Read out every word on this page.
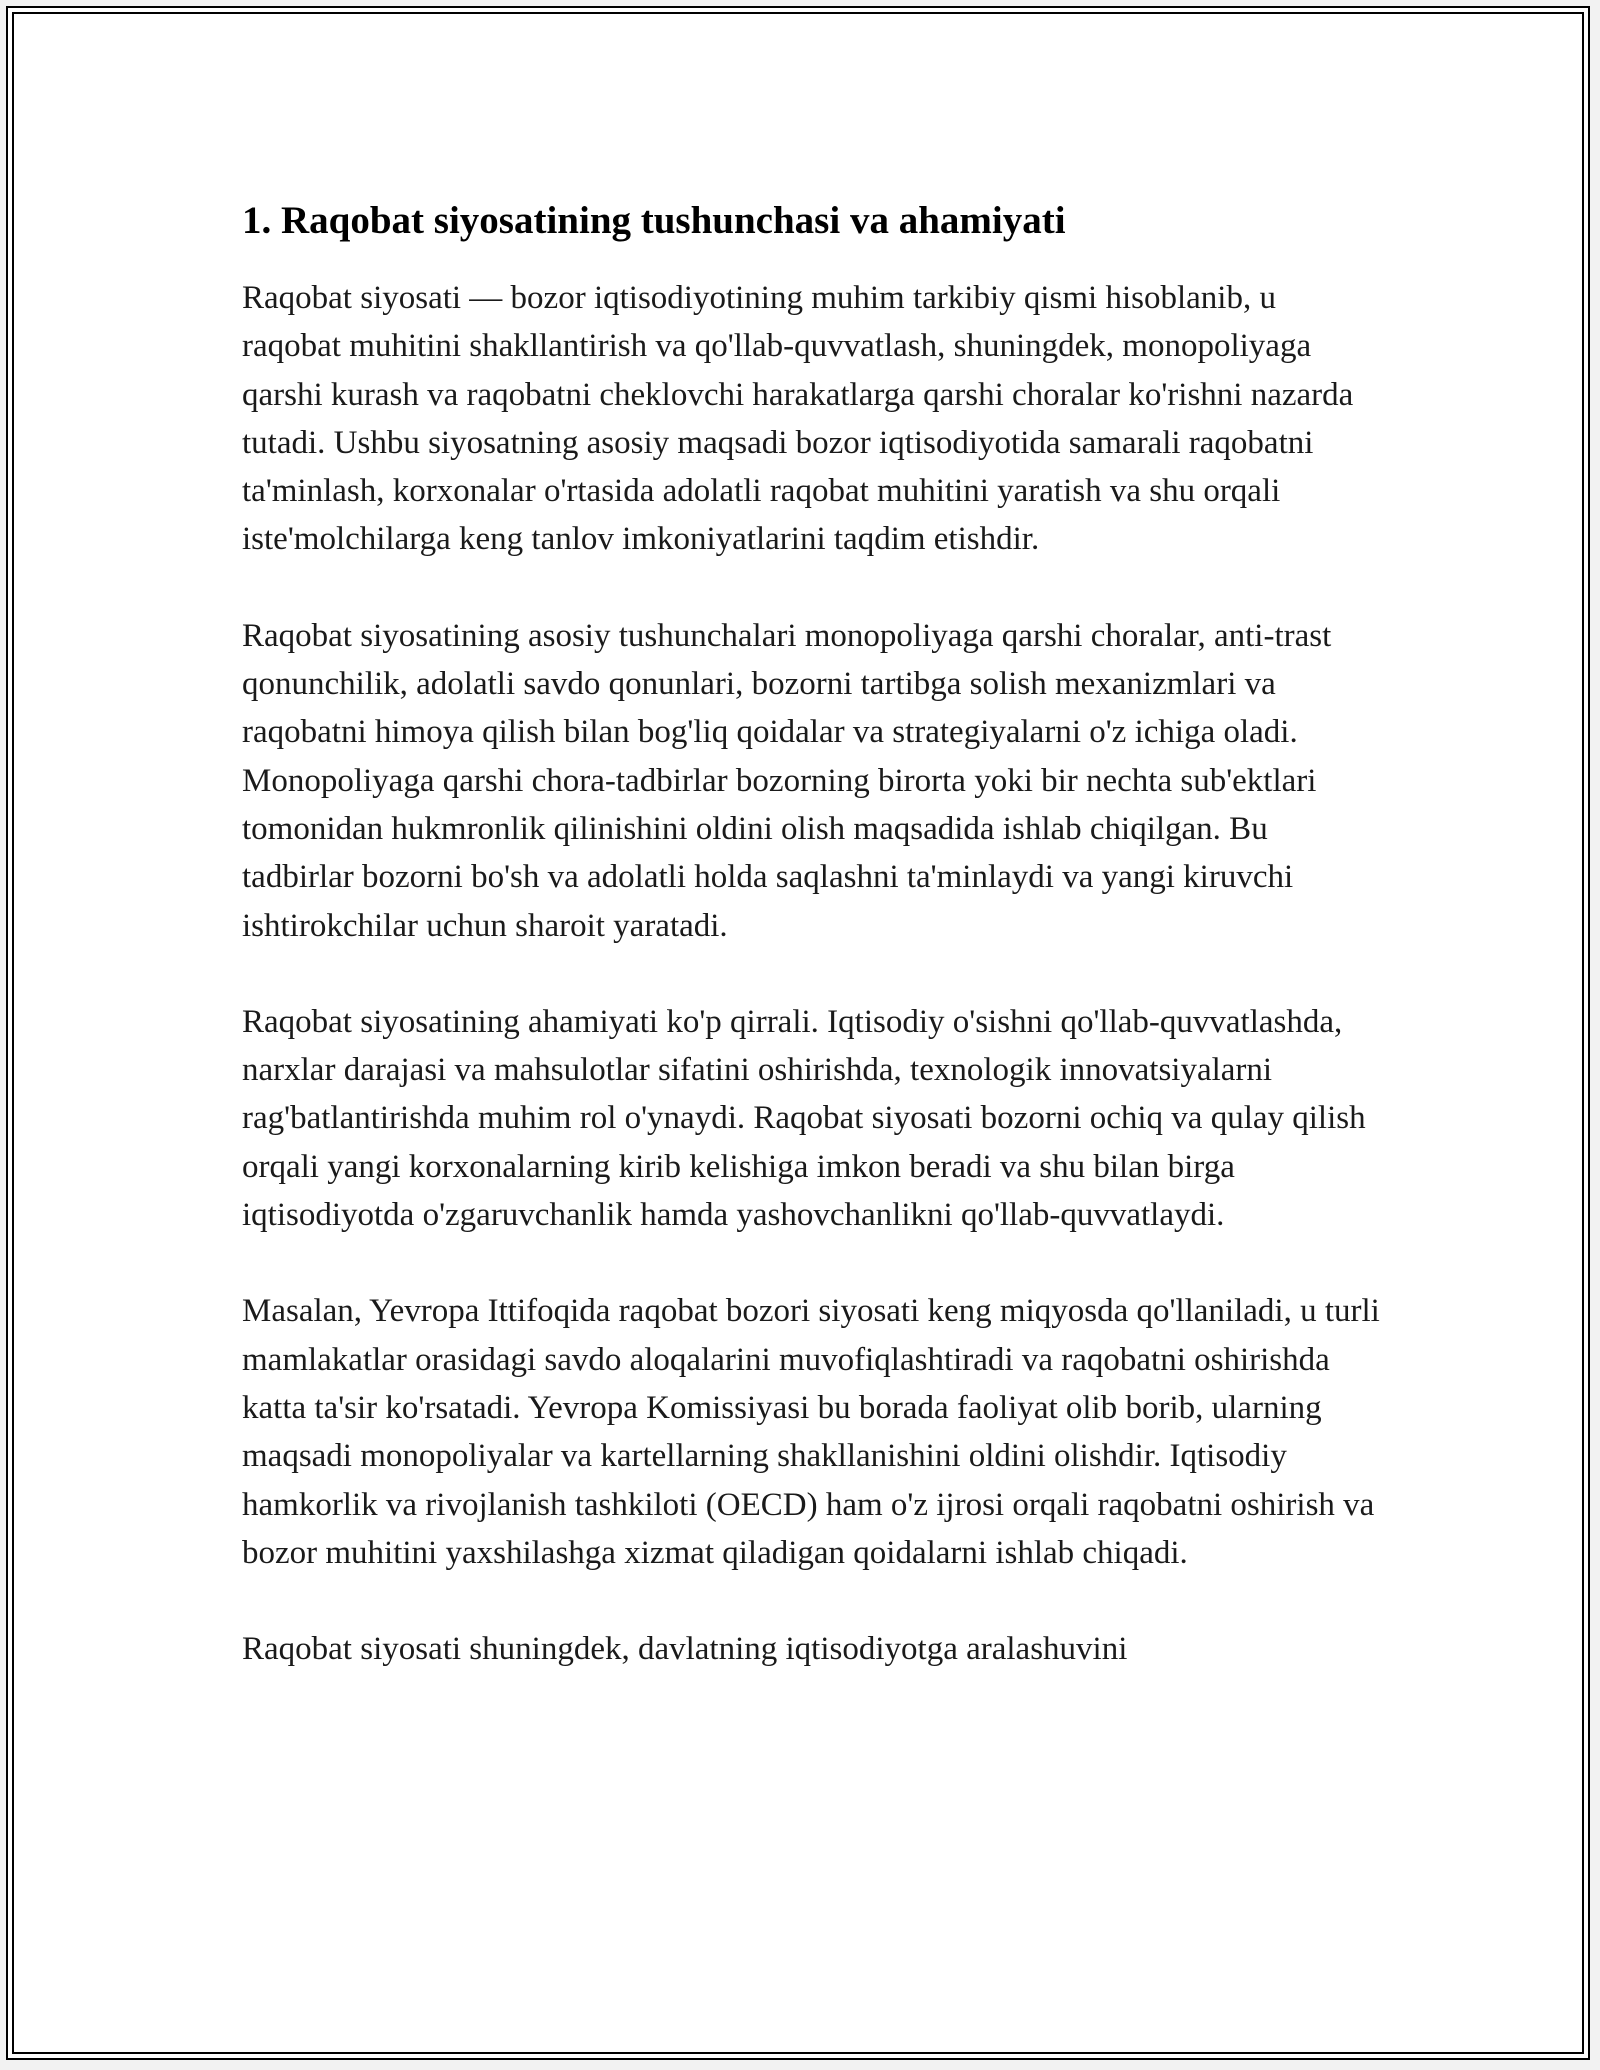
1. Raqobat siyosatining tushunchasi va ahamiyati

Raqobat siyosati — bozor iqtisodiyotining muhim tarkibiy qismi hisoblanib, u raqobat muhitini shakllantirish va qo'llab-quvvatlash, shuningdek, monopoliyaga qarshi kurash va raqobatni cheklovchi harakatlarga qarshi choralar ko'rishni nazarda tutadi. Ushbu siyosatning asosiy maqsadi bozor iqtisodiyotida samarali raqobatni ta'minlash, korxonalar o'rtasida adolatli raqobat muhitini yaratish va shu orqali iste'molchilarga keng tanlov imkoniyatlarini taqdim etishdir.

Raqobat siyosatining asosiy tushunchalari monopoliyaga qarshi choralar, anti-trast qonunchilik, adolatli savdo qonunlari, bozorni tartibga solish mexanizmlari va raqobatni himoya qilish bilan bog'liq qoidalar va strategiyalarni o'z ichiga oladi. Monopoliyaga qarshi chora-tadbirlar bozorning birorta yoki bir nechta sub'ektlari tomonidan hukmronlik qilinishini oldini olish maqsadida ishlab chiqilgan. Bu tadbirlar bozorni bo'sh va adolatli holda saqlashni ta'minlaydi va yangi kiruvchi ishtirokchilar uchun sharoit yaratadi.

Raqobat siyosatining ahamiyati ko'p qirrali. Iqtisodiy o'sishni qo'llab-quvvatlashda, narxlar darajasi va mahsulotlar sifatini oshirishda, texnologik innovatsiyalarni rag'batlantirishda muhim rol o'ynaydi. Raqobat siyosati bozorni ochiq va qulay qilish orqali yangi korxonalarning kirib kelishiga imkon beradi va shu bilan birga iqtisodiyotda o'zgaruvchanlik hamda yashovchanlikni qo'llab-quvvatlaydi.

Masalan, Yevropa Ittifoqida raqobat bozori siyosati keng miqyosda qo'llaniladi, u turli mamlakatlar orasidagi savdo aloqalarini muvofiqlashtiradi va raqobatni oshirishda katta ta'sir ko'rsatadi. Yevropa Komissiyasi bu borada faoliyat olib borib, ularning maqsadi monopoliyalar va kartellarning shakllanishini oldini olishdir. Iqtisodiy hamkorlik va rivojlanish tashkiloti (OECD) ham o'z ijrosi orqali raqobatni oshirish va bozor muhitini yaxshilashga xizmat qiladigan qoidalarni ishlab chiqadi.

Raqobat siyosati shuningdek, davlatning iqtisodiyotga aralashuvini
